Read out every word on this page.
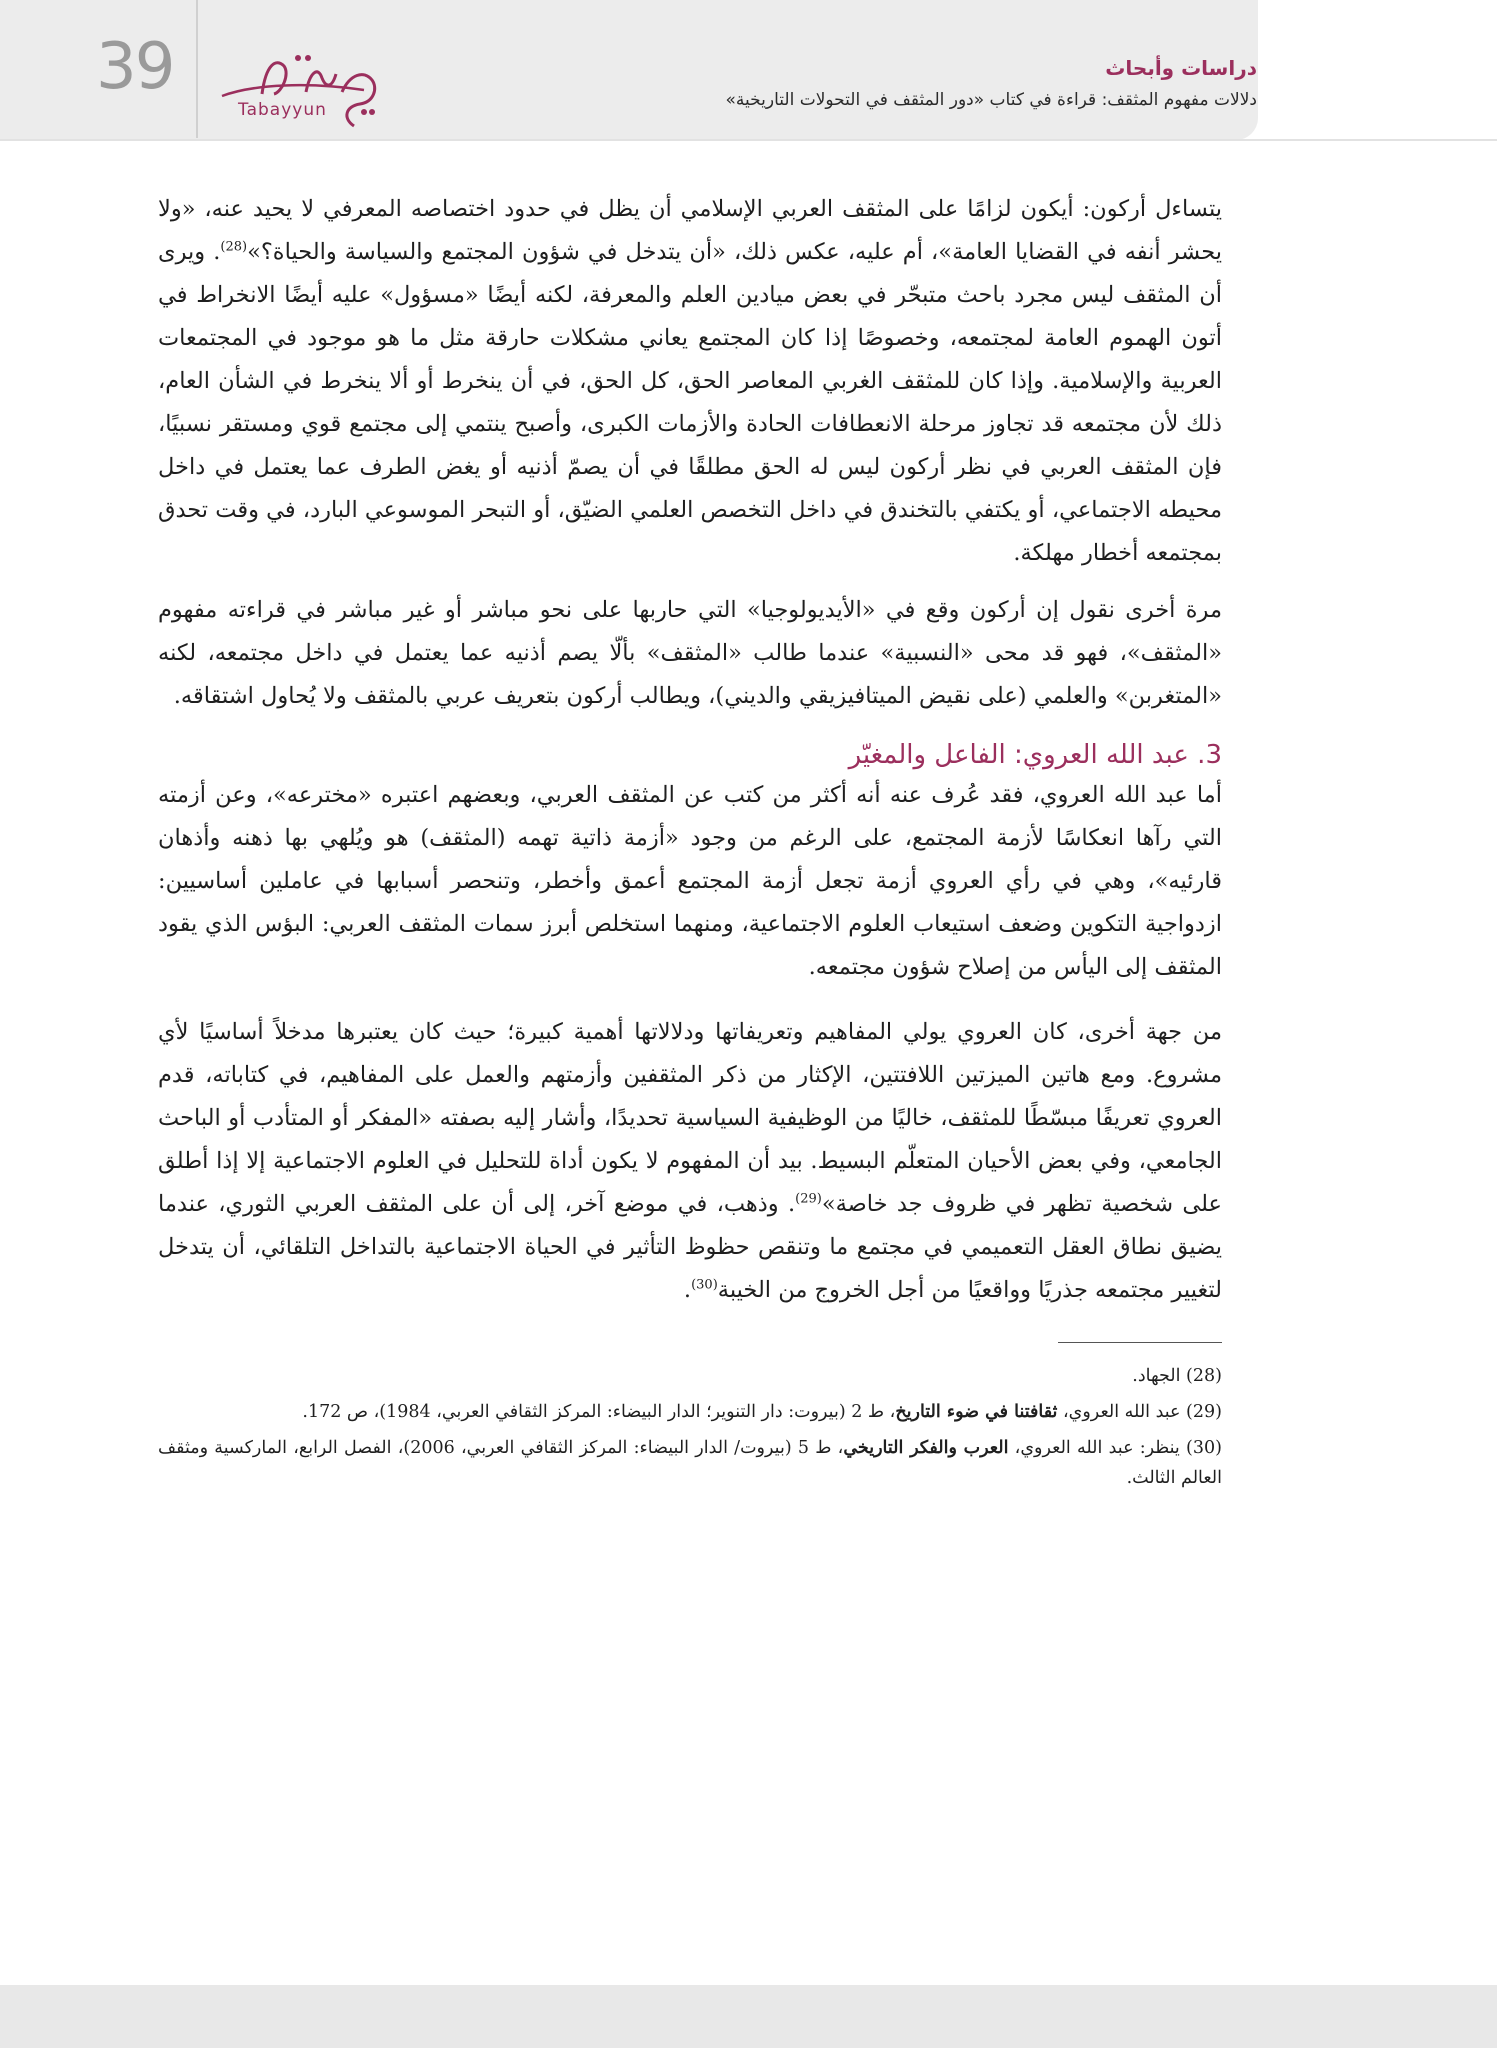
39
Tabayyun
دراسات وأبحاث
دلالات مفهوم المثقف: قراءة في كتاب «دور المثقف في التحولات التاريخية»

يتساءل أركون: أيكون لزامًا على المثقف العربي الإسلامي أن يظل في حدود اختصاصه المعرفي لا يحيد عنه، «ولا يحشر أنفه في القضايا العامة»، أم عليه، عكس ذلك، «أن يتدخل في شؤون المجتمع والسياسة والحياة؟»$^{(28)}$. ويرى أن المثقف ليس مجرد باحث متبحّر في بعض ميادين العلم والمعرفة، لكنه أيضًا «مسؤول» عليه أيضًا الانخراط في أتون الهموم العامة لمجتمعه، وخصوصًا إذا كان المجتمع يعاني مشكلات حارقة مثل ما هو موجود في المجتمعات العربية والإسلامية. وإذا كان للمثقف الغربي المعاصر الحق، كل الحق، في أن ينخرط أو ألا ينخرط في الشأن العام، ذلك لأن مجتمعه قد تجاوز مرحلة الانعطافات الحادة والأزمات الكبرى، وأصبح ينتمي إلى مجتمع قوي ومستقر نسبيًا، فإن المثقف العربي في نظر أركون ليس له الحق مطلقًا في أن يصمّ أذنيه أو يغض الطرف عما يعتمل في داخل محيطه الاجتماعي، أو يكتفي بالتخندق في داخل التخصص العلمي الضيّق، أو التبحر الموسوعي البارد، في وقت تحدق بمجتمعه أخطار مهلكة.

مرة أخرى نقول إن أركون وقع في «الأيديولوجيا» التي حاربها على نحو مباشر أو غير مباشر في قراءته مفهوم «المثقف»، فهو قد محى «النسبية» عندما طالب «المثقف» بألّا يصم أذنيه عما يعتمل في داخل مجتمعه، لكنه «المتغربن» والعلمي (على نقيض الميتافيزيقي والديني)، ويطالب أركون بتعريف عربي بالمثقف ولا يُحاول اشتقاقه.

3. عبد الله العروي: الفاعل والمغيّر

أما عبد الله العروي، فقد عُرف عنه أنه أكثر من كتب عن المثقف العربي، وبعضهم اعتبره «مخترعه»، وعن أزمته التي رآها انعكاسًا لأزمة المجتمع، على الرغم من وجود «أزمة ذاتية تهمه (المثقف) هو ويُلهي بها ذهنه وأذهان قارئيه»، وهي في رأي العروي أزمة تجعل أزمة المجتمع أعمق وأخطر، وتنحصر أسبابها في عاملين أساسيين: ازدواجية التكوين وضعف استيعاب العلوم الاجتماعية، ومنهما استخلص أبرز سمات المثقف العربي: البؤس الذي يقود المثقف إلى اليأس من إصلاح شؤون مجتمعه.

من جهة أخرى، كان العروي يولي المفاهيم وتعريفاتها ودلالاتها أهمية كبيرة؛ حيث كان يعتبرها مدخلاً أساسيًا لأي مشروع. ومع هاتين الميزتين اللافتتين، الإكثار من ذكر المثقفين وأزمتهم والعمل على المفاهيم، في كتاباته، قدم العروي تعريفًا مبسّطًا للمثقف، خاليًا من الوظيفية السياسية تحديدًا، وأشار إليه بصفته «المفكر أو المتأدب أو الباحث الجامعي، وفي بعض الأحيان المتعلّم البسيط. بيد أن المفهوم لا يكون أداة للتحليل في العلوم الاجتماعية إلا إذا أطلق على شخصية تظهر في ظروف جد خاصة»$^{(29)}$. وذهب، في موضع آخر، إلى أن على المثقف العربي الثوري، عندما يضيق نطاق العقل التعميمي في مجتمع ما وتنقص حظوظ التأثير في الحياة الاجتماعية بالتداخل التلقائي، أن يتدخل لتغيير مجتمعه جذريًا وواقعيًا من أجل الخروج من الخيبة$^{(30)}$.

(28) الجهاد.

(29) عبد الله العروي، ثقافتنا في ضوء التاريخ، ط 2 (بيروت: دار التنوير؛ الدار البيضاء: المركز الثقافي العربي، 1984)، ص 172.

(30) ينظر: عبد الله العروي، العرب والفكر التاريخي، ط 5 (بيروت/ الدار البيضاء: المركز الثقافي العربي، 2006)، الفصل الرابع، الماركسية ومثقف العالم الثالث.
